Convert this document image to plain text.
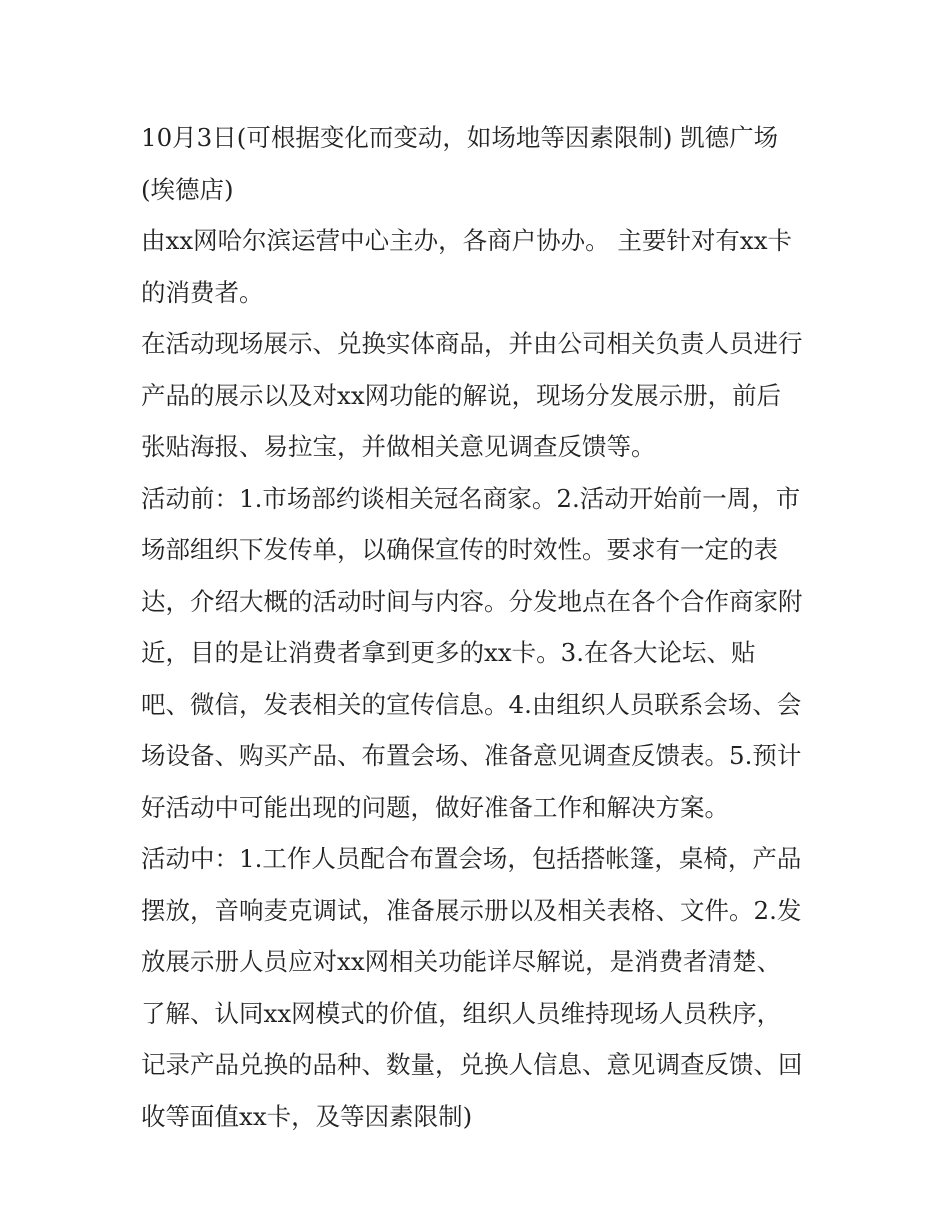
10月3日(可根据变化而变动，如场地等因素限制) 凯德广场
(埃德店)

由xx网哈尔滨运营中心主办，各商户协办。 主要针对有xx卡
的消费者。

在活动现场展示、兑换实体商品，并由公司相关负责人员进行
产品的展示以及对xx网功能的解说，现场分发展示册，前后
张贴海报、易拉宝，并做相关意见调查反馈等。

活动前：1.市场部约谈相关冠名商家。2.活动开始前一周，市
场部组织下发传单，以确保宣传的时效性。要求有一定的表
达，介绍大概的活动时间与内容。分发地点在各个合作商家附
近，目的是让消费者拿到更多的xx卡。3.在各大论坛、贴
吧、微信，发表相关的宣传信息。4.由组织人员联系会场、会
场设备、购买产品、布置会场、准备意见调查反馈表。5.预计
好活动中可能出现的问题，做好准备工作和解决方案。

活动中：1.工作人员配合布置会场，包括搭帐篷，桌椅，产品
摆放，音响麦克调试，准备展示册以及相关表格、文件。2.发
放展示册人员应对xx网相关功能详尽解说，是消费者清楚、
了解、认同xx网模式的价值，组织人员维持现场人员秩序，
记录产品兑换的品种、数量，兑换人信息、意见调查反馈、回
收等面值xx卡，及等因素限制)
